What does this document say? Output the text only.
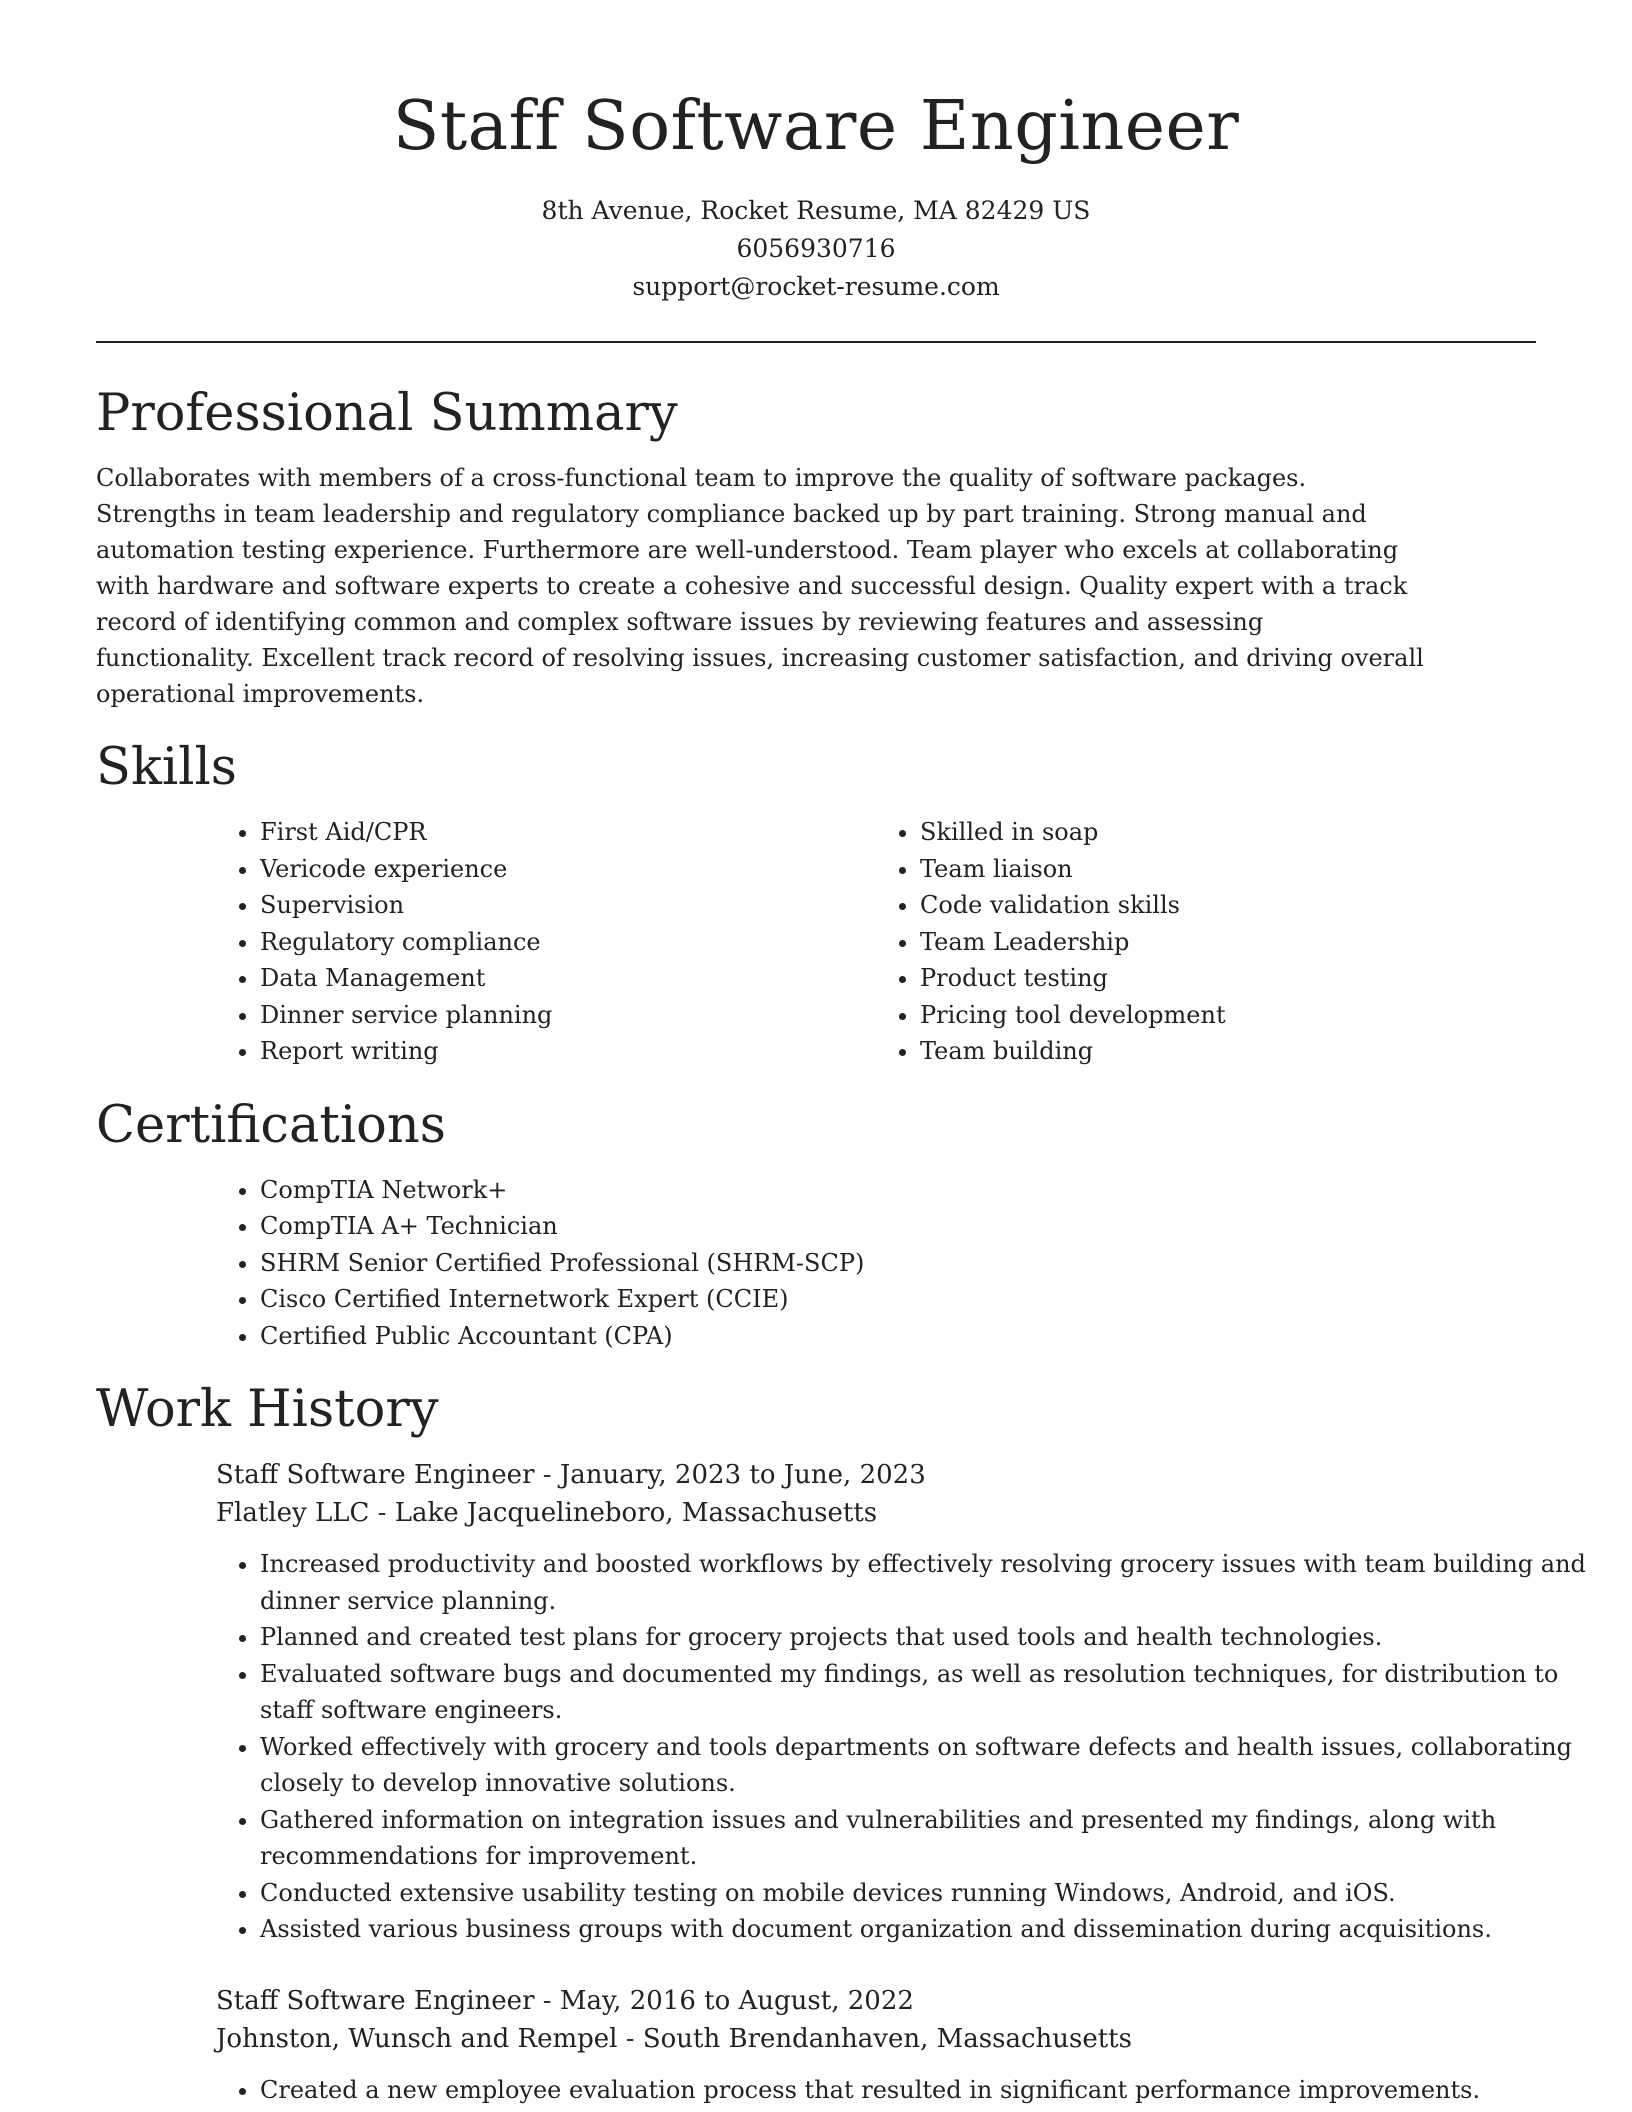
Staff Software Engineer
8th Avenue, Rocket Resume, MA 82429 US
6056930716
support@rocket-resume.com
Professional Summary

Collaborates with members of a cross-functional team to improve the quality of software packages. Strengths in team leadership and regulatory compliance backed up by part training. Strong manual and automation testing experience. Furthermore are well-understood. Team player who excels at collaborating with hardware and software experts to create a cohesive and successful design. Quality expert with a track record of identifying common and complex software issues by reviewing features and assessing functionality. Excellent track record of resolving issues, increasing customer satisfaction, and driving overall operational improvements.

Skills
• First Aid/CPR
• Vericode experience
• Supervision
• Regulatory compliance
• Data Management
• Dinner service planning
• Report writing
• Skilled in soap
• Team liaison
• Code validation skills
• Team Leadership
• Product testing
• Pricing tool development
• Team building
Certifications
• CompTIA Network+
• CompTIA A+ Technician
• SHRM Senior Certified Professional (SHRM-SCP)
• Cisco Certified Internetwork Expert (CCIE)
• Certified Public Accountant (CPA)
Work History
Staff Software Engineer - January, 2023 to June, 2023
Flatley LLC - Lake Jacquelineboro, Massachusetts
• Increased productivity and boosted workflows by effectively resolving grocery issues with team building and dinner service planning.
• Planned and created test plans for grocery projects that used tools and health technologies.
• Evaluated software bugs and documented my findings, as well as resolution techniques, for distribution to staff software engineers.
• Worked effectively with grocery and tools departments on software defects and health issues, collaborating closely to develop innovative solutions.
• Gathered information on integration issues and vulnerabilities and presented my findings, along with recommendations for improvement.
• Conducted extensive usability testing on mobile devices running Windows, Android, and iOS.
• Assisted various business groups with document organization and dissemination during acquisitions.
Staff Software Engineer - May, 2016 to August, 2022
Johnston, Wunsch and Rempel - South Brendanhaven, Massachusetts
• Created a new employee evaluation process that resulted in significant performance improvements.
